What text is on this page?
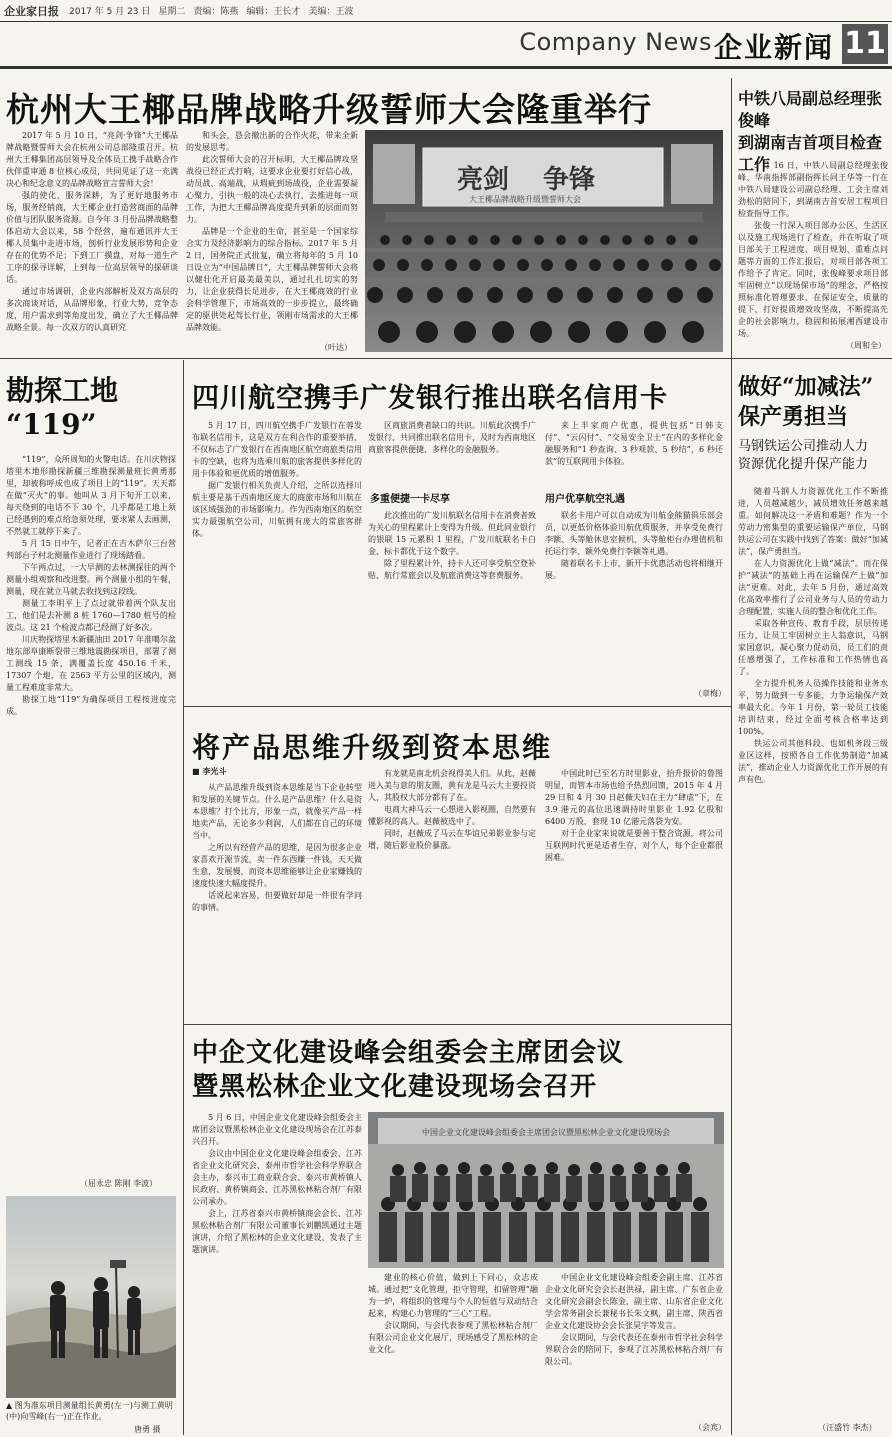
企业家日报 2017 年 5 月 23 日 星期二 责编：陈燕 编辑：王长才 美编：王波
Company News 企业新闻 11
杭州大王椰品牌战略升级誓师大会隆重举行

2017 年 5 月 10 日，“亮剑·争锋”大王椰品牌战略暨誓师大会在杭州公司总部隆重召开。杭州大王椰集团高层领导及全体员工携手战略合作伙伴重审通 8 位核心成员，共同见证了这一充满决心和纪念意义的品牌战略宣言誓师大会！

强的使化，服务深耕，为了更好地服务市场，服务经销商，大王椰企业打造营商面的品牌价值与团队服务资源。自今年 3 月份品牌战略整体启动大会以来，58 个经营，遍布通讯并大王椰人员集中走进市场，剖析行业发展形势和企业存在的优势不足；下到工厂摸盘，对每一道生产工序的探寻详解，上到每一位高层领导的探研谈话。

通过市场调研，企业内部解析及双方高层的多次商谈对话，从品牌形象，行业大势，竞争态度，用户需求到等角度出发，确立了大王椰品牌战略全景。每一次双方的认真研究

和头会，恳会撤出新的合作火花，带来全新的发展思考。

此次誓师大会的召开标明，大王椰品牌攻坚战役已经正式打响，这要求企业要打好信心战，动员战，高端战，从瑕疵到场战役，企业需要凝心聚力，引执一般的决心去执行，去推进每一项工作，为把大王椰品牌高度提升到新的层面而努力。

品牌是一个企业的生命，甚至是一个国家综合实力及经济影响力的综合指标。2017 年 5 月 2 日，国务院正式批复，确立将每年的 5 月 10 日设立为“中国品牌日”，大王椰品牌誓师大会将以健壮化开启最美最美以，通过扎扎切实的努力，让企业获得长足进步，在大王椰商效的行业会科学管理下，市场高效的一步步提立，最终确定的驱供处起驾长行业，领刚市场需求的大王椰品牌效能。

（叶达）
亮剑 争锋
大王椰品牌战略升级暨誓师大会
中铁八局副总经理张俊峰
到湖南吉首项目检查工作

5 月 16 日，中铁八局副总经理张俊峰、华南指挥部副指挥长同王华等一行在中铁八局建设公司副总经理、工会主席刘劲松的陪同下，到湖南吉首安居工程项目检查指导工作。

张俊一行深入项目部办公区、生活区以及施工现场进行了检查，并在听取了项目部关于工程进度、项目规划、重难点问题等方面的工作汇报后，对项目部各项工作给予了肯定。同时，张俊峰要求项目部牢固树立“以现场保市场”的理念，严格按照标准化管理要求，在保证安全、质量的提下，打好提质增效攻坚战，不断提高先企的社会影响力，稳固和拓展湘西建设市场。

（周和全）
勘探工地
“119”

“119”，众所周知的火警电话。在川庆物探塔里木地形勘探新疆三维勘探测量班长黄勇那里，却被称呼成也成了项目上的“119”。天天都在做“灭火”的事。他叫从 3 月下旬开工以来，每天绕到的电话不下 30 个，几乎都是工地上须已经遇到的难点给急须处理，要求紧人去画测，不然就工就停下来了。

5 月 15 日中午，记者正在吉木萨尔三台营判部台子村北测量作业进行了现场踏看。

下午两点过，一大早测的去林测探往的两个测量小组观察和改进整。两个测量小组的午餐，测量，现在就立马就去收找到这段线。

测量工李明平上了点过就带着两个队友出工，他们是去补测 8 桩 1760—1780 桩号的检波点。这 21 个检波点都已经测了好多次。

川庆物探塔里木新疆油田 2017 年准噶尔盆地东部阜康断裂带三维地震勘探项目，部署了测工测线 15 条，满覆盖长度 450.16 千米，17307 个炮，在 2563 平方公里的区域内，测量工程难度非常大。

勘探工地“119”为确保项目工程按进度完成。

（屈永忠 陈刚 李波）
▲ 图为准东项目测量组长黄勇(左一)与测工黄明(中)向雪峰(右一)正在作业。
唐勇 摄
四川航空携手广发银行推出联名信用卡

5 月 17 日，四川航空携手广发银行在蓉发布联名信用卡，这是双方在利合作的重要举措，不仅标志了广发银行在西南地区航空商旅类信用卡的空缺，也将为选乘川航的旅客提供多样化的用卡体验和更优质的增值服务。

据广发银行相关负责人介绍，之所以选择川航主要是基于西南地区庞大的商旅市场和川航在该区域强劲的市场影响力。作为西南地区的航空实力最强航空公司，川航拥有庞大的常旅客群体。

区商旅消费者缺口的共识。川航此次携手广发银行，共同推出联名信用卡，及时为西南地区商旅客提供便捷、多样化的金融服务。

多重便捷一卡尽享	用户优享航空礼遇

来上半家商户优惠，提供包括“日韩支付”、“云闪付”、“交易安全卫士”在内的多样化金融服务和“1 秒查询、3 秒观款、5 秒结”，6 秒还款”的互联网用卡体验。

此次推出的广发川航联名信用卡在消费者致为关心的里程累计上变得为升级。但此同业银行的银联 15 元累积 1 里程，广发川航联名卡白金、标卡都优于这个数字。

除了里程累计外，持卡人还可享受航空登补贴、航行常旅会以及航旅消费这等套费服务。

联名卡用户可以自动成为川航金熊猫俱乐部会员，以更低价格体验川航优质服务，并享受免费行李额、头等舱休息室候机、头等舱柜台办理值机和托运行李、额外免费行李额等礼遇。

随着联名卡上市，新开卡优惠活动也将相继开展。

（章梅）
将产品思维升级到资本思维
■ 李光斗

从产品思维升级到资本思维是当下企业转型和发展的关键节点。什么是产品思维？什么是资本思维？打个比方，形象一点，就像买产品一样地卖产品，无论多少利润，人们都在自己的环境当中。

之所以有经营产品的思维，是因为很多企业家喜欢开源节流，卖一件东西赚一件钱，天天做生意，发展慢，而资本思维能够让企业家赚钱的速度快速大幅度提升。

话说起来容易，但要做好却是一件很有学问的事情。

有龙就是南北机会视得美人们。从此，赵薇进入美与意的朋友圈，黄有龙是马云大主要投资人，其股权大部分都有了在。

电商大神马云一心想进入影视圈，自然要有懂影视的高人。赵薇被选中了。

同时，赵薇成了马云在华谊兄弟影业参与定增，随后影业股价暴涨。

中国此时已至名方时里影业，抬升报价的鲁图明显，而管本市场也给予热烈回馈，2015 年 4 月 29 日和 4 月 30 日赵薇夫妇在主力“肆虐”下，在 3.9 港元的高位迅速调持时里影业 1.92 亿股和 6400 万股，套现 10 亿港元落袋为安。

对于企业家来说就是要善于整合资源，将公司互联网时代更是适者生存，对个人，每个企业都很困难。

中企文化建设峰会组委会主席团会议
暨黑松林企业文化建设现场会召开

5 月 6 日，中国企业文化建设峰会组委会主席团会议暨黑松林企业文化建设现场会在江苏泰兴召开。

会议由中国企业文化建设峰会组委会、江苏省企业文化研究会、泰州市哲学社会科学界联合会主办，泰兴市工商业联合会、泰兴市黄桥镇人民政府、黄桥镇商会、江苏黑松林粘合剂厂有限公司承办。

会上，江苏省泰兴市黄桥镇商会会长、江苏黑松林粘合剂厂有限公司董事长刘鹏凯通过主题演讲，介绍了黑松林的企业文化建设，发表了主题演讲。

中国企业文化建设峰会组委会主席团会议暨黑松林企业文化建设现场会

建业的核心价值，做到上下同心，众志成城。通过把“文化管理，拒守管理，扣留管理”融为一炉，将组织的管理与个人的恒值与双动结合起来，构建心力管理的“三心”工程。

会议期间，与会代表参观了黑松林粘合剂厂有限公司企业文化展厅，现场感受了黑松林的企业文化。

中国企业文化建设峰会组委会副主席、江苏省企业文化研究会会长赵洪禄，副主席、广东省企业文化研究会副会长陈金，副主席、山东省企业文化学会常务副会长兼秘书长朱文枫，副主席、陕西省企业文化建设协会会长张昊宇等发言。

会议期间，与会代表还在泰州市哲学社会科学界联合会的陪同下，参观了江苏黑松林粘合剂厂有限公司。

（会宾）
做好“加减法”
保产勇担当
马钢铁运公司推动人力
资源优化提升保产能力

随着马钢人力资源优化工作不断推进，人员越减越少，减员增效任务越来越重。如何解决这一矛盾和难题？作为一个劳动力密集型的重要运输保产单位，马钢铁运公司在实践中找到了答案：做好“加减法”，保产勇担当。

在人力资源优化上做“减法”。而在保护“减法”的基础上再在运输保产上做“加法”更难。对此，去年 5 月份，通过高效化高效率推行了公司业务与人员的劳动力合理配置，实施人员的整合和优化工作。

采取各种宣传、教育手段，层层传递压力，让员工牢固树立主人翁意识，马钢家国意识，凝心聚力促动员，员工们的责任感增强了，工作标准和工作热情也高了。

全力提升机务人员操作技能和业务水平，努力做到一专多能，力争运输保产效率最大化。今年 1 月份，第一轮员工技能培训结束，经过全面考核合格率达到 100%。

铁运公司其他科段、也如机务段三级业区这样，按照各自工作优势制造“加减法”，推动企业人力资源优化工作开展的有声有色。

（汪盛竹 李杰）
